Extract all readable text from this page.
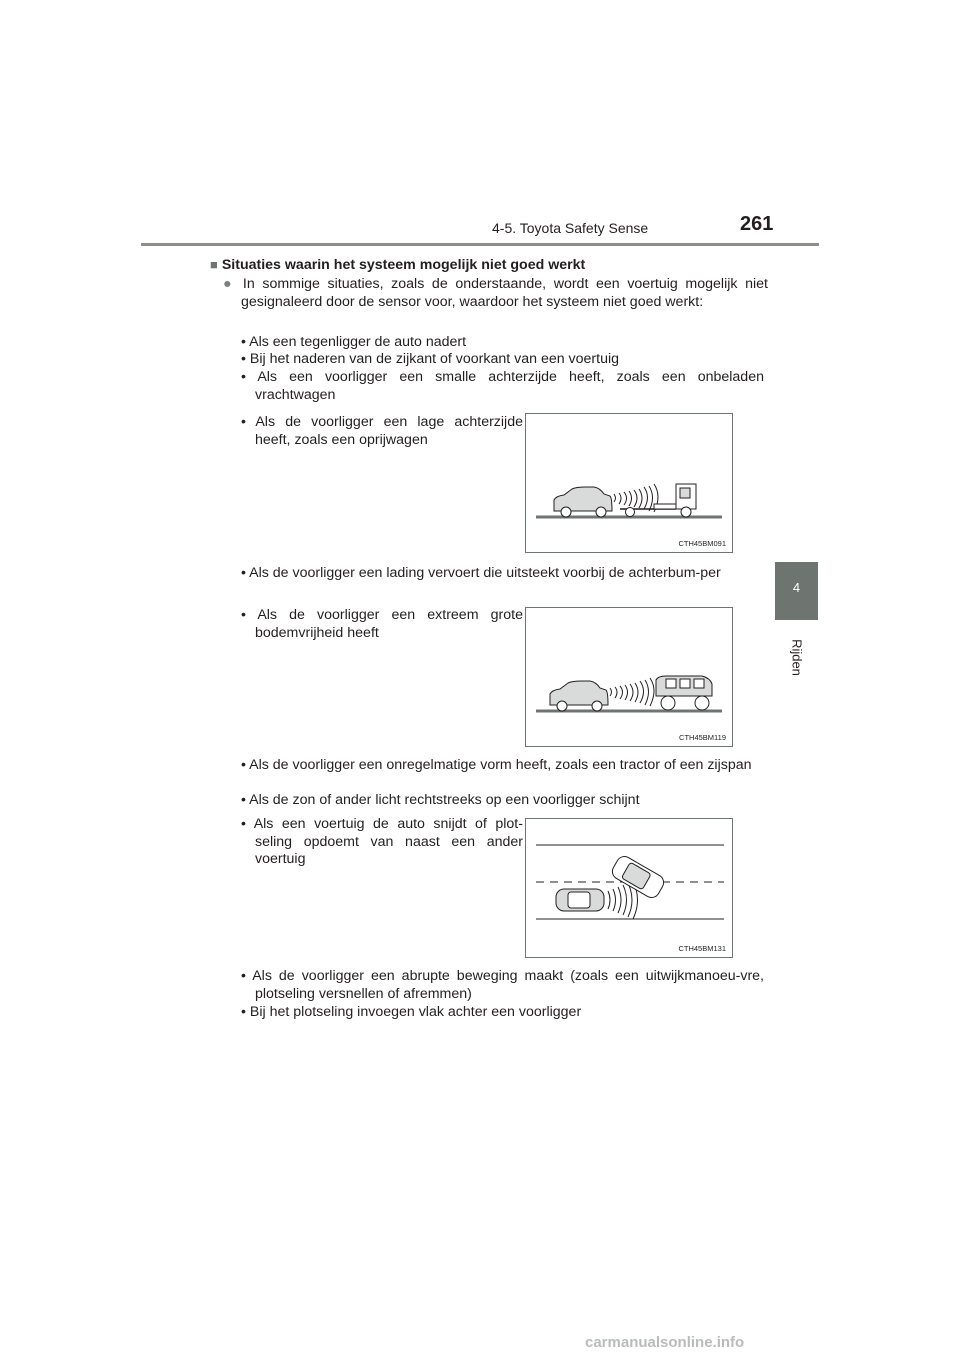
4-5. Toyota Safety Sense	261
4
Rijden
■ Situaties waarin het systeem mogelijk niet goed werkt
● In sommige situaties, zoals de onderstaande, wordt een voertuig mogelijk niet gesignaleerd door de sensor voor, waardoor het systeem niet goed werkt:
• Als een tegenligger de auto nadert
• Bij het naderen van de zijkant of voorkant van een voertuig
• Als een voorligger een smalle achterzijde heeft, zoals een onbeladen vrachtwagen
• Als de voorligger een lage achterzijde heeft, zoals een oprijwagen
CTH45BM091
• Als de voorligger een lading vervoert die uitsteekt voorbij de achterbum-per
• Als de voorligger een extreem grote bodemvrijheid heeft
CTH45BM119
• Als de voorligger een onregelmatige vorm heeft, zoals een tractor of een zijspan
• Als de zon of ander licht rechtstreeks op een voorligger schijnt
• Als een voertuig de auto snijdt of plot-seling opdoemt van naast een ander voertuig
CTH45BM131
• Als de voorligger een abrupte beweging maakt (zoals een uitwijkmanoeu-vre, plotseling versnellen of afremmen)
• Bij het plotseling invoegen vlak achter een voorligger
carmanualsonline.info
